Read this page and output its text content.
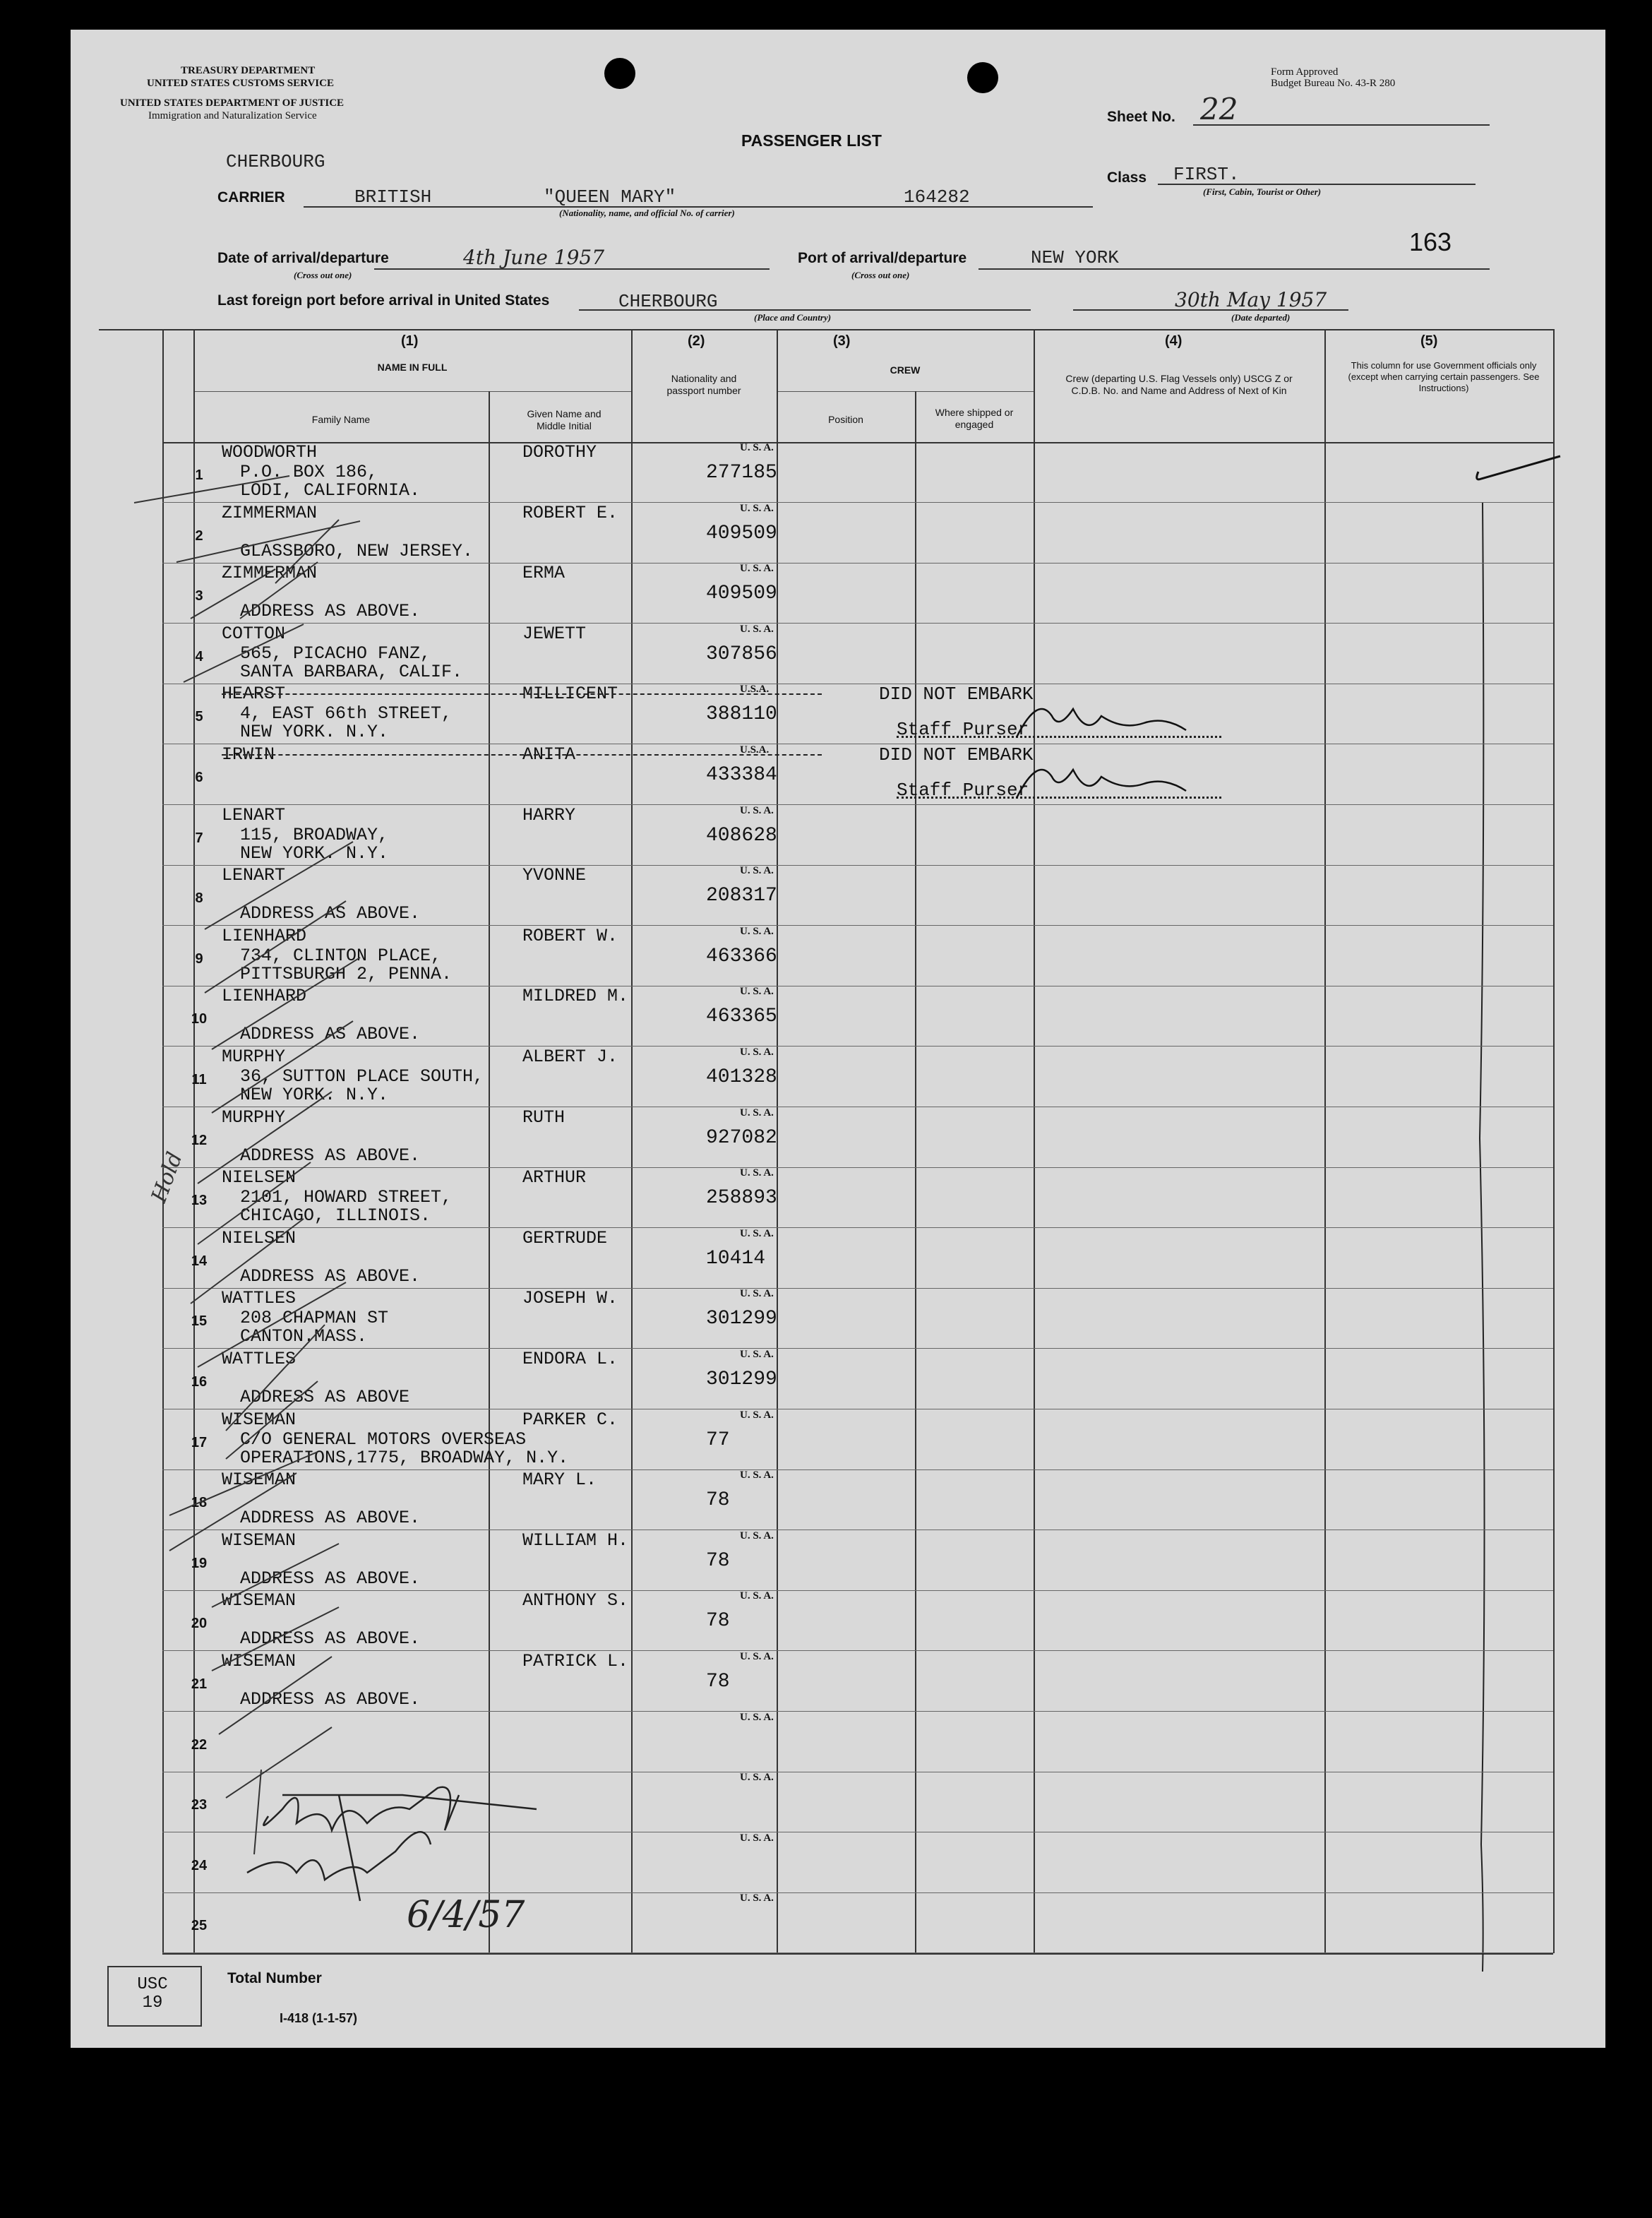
TREASURY DEPARTMENT
UNITED STATES CUSTOMS SERVICE
UNITED STATES DEPARTMENT OF JUSTICE
Immigration and Naturalization Service
Form Approved
Budget Bureau No. 43-R 280
PASSENGER LIST
Sheet No. 22
CHERBOURG
CARRIER	BRITISH	"QUEEN MARY"	164282
(Nationality, name, and official No. of carrier)
Class FIRST.
(First, Cabin, Tourist or Other)
163
Date of arrival/departure
(Cross out one)
4th June 1957	Port of arrival/departure
(Cross out one)
NEW YORK
Last foreign port before arrival in United States	CHERBOURG
(Place and Country)
30th May 1957
(Date departed)
(1)
NAME IN FULL
Family Name	Given Name and Middle Initial
(2)
Nationality and passport number
(3)
CREW
Position
Where shipped or engaged
(4)
Crew (departing U.S. Flag Vessels only) USCG Z or C.D.B. No. and Name and Address of Next of Kin
(5)
This column for use Government officials only (except when carrying certain passengers. See Instructions)
1
WOODWORTH	DOROTHY
P.O. BOX 186,
LODI, CALIFORNIA.
U. S. A.
277185
2
ZIMMERMAN	ROBERT E.
GLASSBORO, NEW JERSEY.
U. S. A.
409509
3
ZIMMERMAN	ERMA
ADDRESS AS ABOVE.
U. S. A.
409509
4
COTTON	JEWETT
565, PICACHO FANZ,
SANTA BARBARA, CALIF.
U. S. A.
307856
5
HEARST	MILLICENT
4, EAST 66th STREET,
NEW YORK. N.Y.
U.S.A.
388110
DID NOT EMBARK
Staff Purser
6
IRWIN	ANITA	U.S.A.
433384
DID NOT EMBARK
Staff Purser
7
LENART	HARRY
115, BROADWAY,
NEW YORK. N.Y.
U. S. A.
408628
8
LENART	YVONNE
ADDRESS AS ABOVE.
U. S. A.
208317
9
LIENHARD	ROBERT W.
734, CLINTON PLACE,
PITTSBURGH 2, PENNA.
U. S. A.
463366
10
LIENHARD	MILDRED M.
ADDRESS AS ABOVE.
U. S. A.
463365
11
MURPHY	ALBERT J.
36, SUTTON PLACE SOUTH,
NEW YORK. N.Y.
U. S. A.
401328
12
MURPHY	RUTH
ADDRESS AS ABOVE.
U. S. A.
927082
13
NIELSEN	ARTHUR
2101, HOWARD STREET,
CHICAGO, ILLINOIS.
U. S. A.
258893
14
NIELSEN	GERTRUDE
ADDRESS AS ABOVE.
U. S. A.
10414
15
WATTLES	JOSEPH W.
208 CHAPMAN ST
CANTON.MASS.
U. S. A.
301299
16
WATTLES	ENDORA L.
ADDRESS AS ABOVE
U. S. A.
301299
17
WISEMAN	PARKER C.
C/O GENERAL MOTORS OVERSEAS
OPERATIONS,1775, BROADWAY, N.Y.
U. S. A.
77
18
WISEMAN	MARY L.
ADDRESS AS ABOVE.
U. S. A.
78
19
WISEMAN	WILLIAM H.
ADDRESS AS ABOVE.
U. S. A.
78
20
WISEMAN	ANTHONY S.
ADDRESS AS ABOVE.
U. S. A.
78
21
WISEMAN	PATRICK L.
ADDRESS AS ABOVE.
U. S. A.
78
22
U. S. A.
23
U. S. A.
24
U. S. A.
25
U. S. A.
Hold
6/4/57
USC 19
Total Number
I-418 (1-1-57)
